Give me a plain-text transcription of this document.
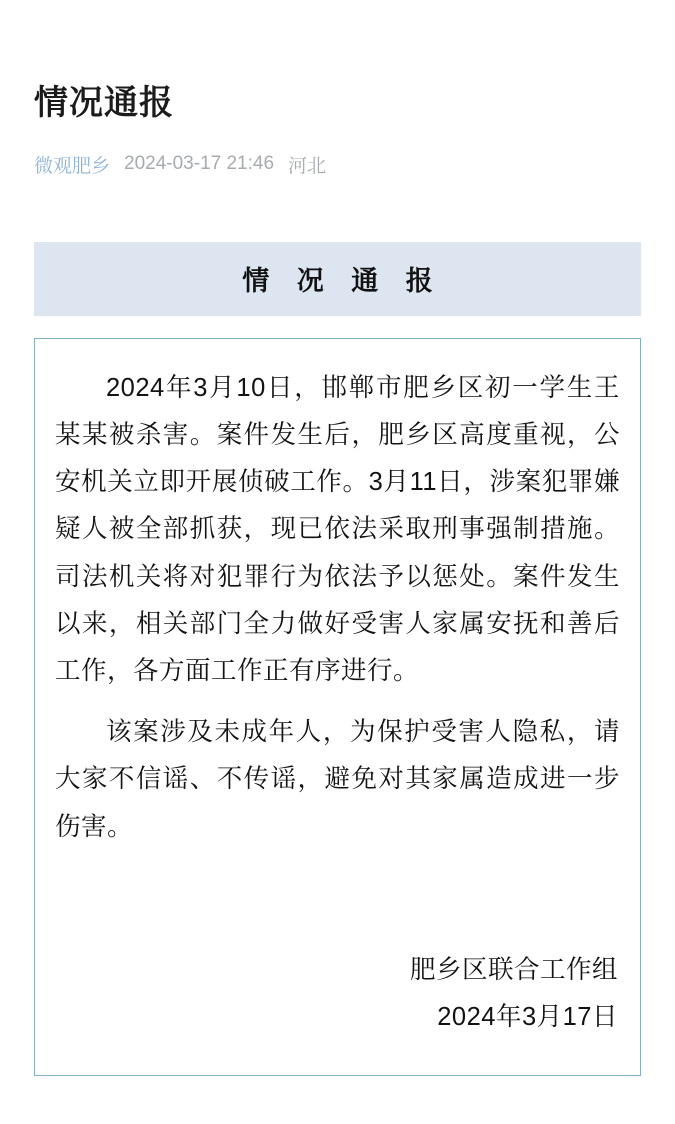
情况通报
微观肥乡 2024-03-17 21:46 河北
情 况 通 报

2024年3月10日，邯郸市肥乡区初一学生王某某被杀害。案件发生后，肥乡区高度重视，公安机关立即开展侦破工作。3月11日，涉案犯罪嫌疑人被全部抓获，现已依法采取刑事强制措施。司法机关将对犯罪行为依法予以惩处。案件发生以来，相关部门全力做好受害人家属安抚和善后工作，各方面工作正有序进行。

该案涉及未成年人，为保护受害人隐私，请大家不信谣、不传谣，避免对其家属造成进一步伤害。

肥乡区联合工作组
2024年3月17日
